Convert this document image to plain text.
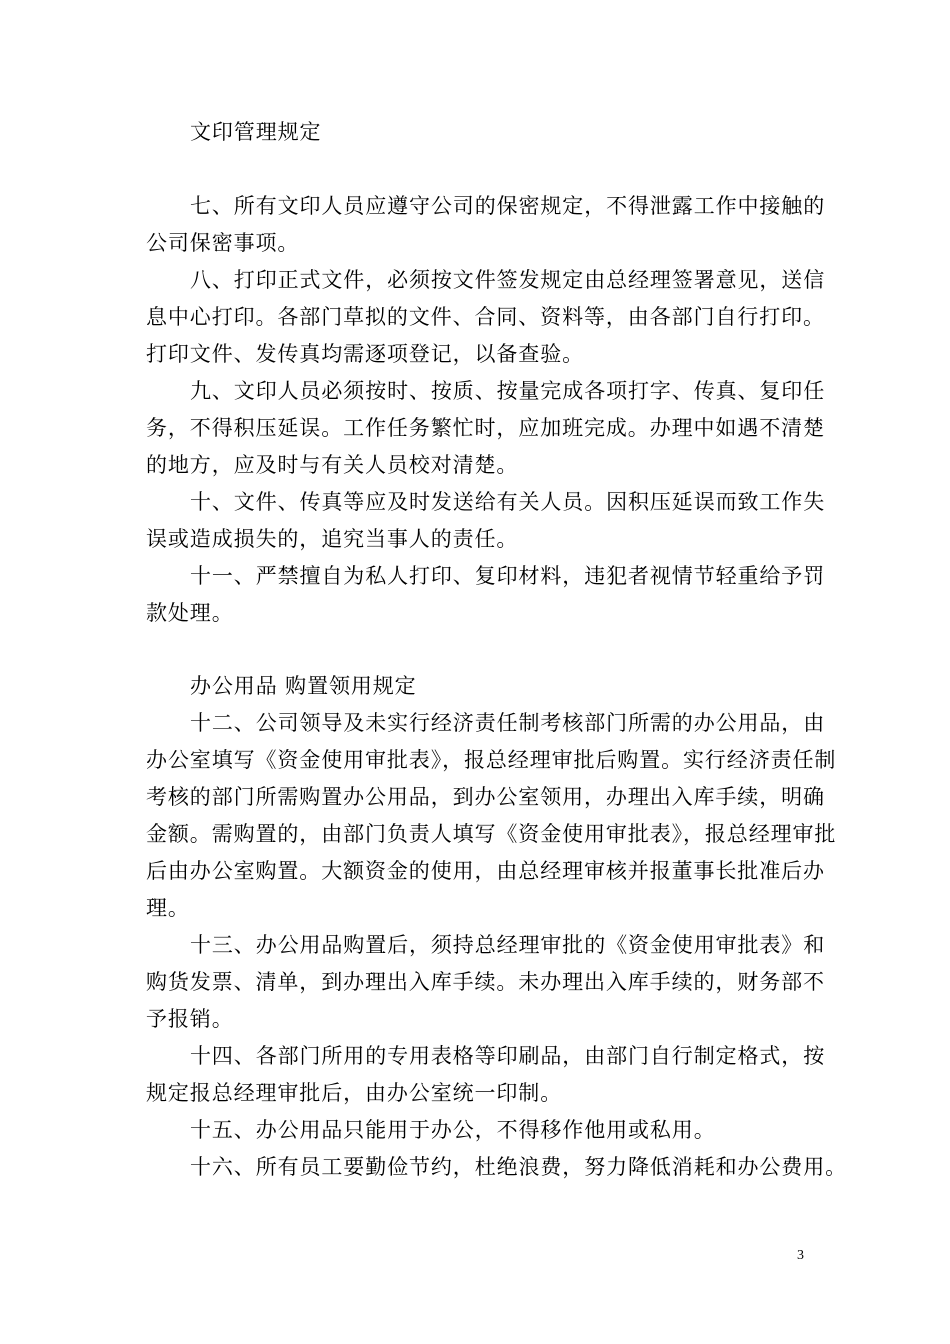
文印管理规定
七、所有文印人员应遵守公司的保密规定，不得泄露工作中接触的
公司保密事项。
八、打印正式文件，必须按文件签发规定由总经理签署意见，送信
息中心打印。各部门草拟的文件、合同、资料等，由各部门自行打印。
打印文件、发传真均需逐项登记，以备查验。
九、文印人员必须按时、按质、按量完成各项打字、传真、复印任
务，不得积压延误。工作任务繁忙时，应加班完成。办理中如遇不清楚
的地方，应及时与有关人员校对清楚。
十、文件、传真等应及时发送给有关人员。因积压延误而致工作失
误或造成损失的，追究当事人的责任。
十一、严禁擅自为私人打印、复印材料，违犯者视情节轻重给予罚
款处理。
办公用品 购置领用规定
十二、公司领导及未实行经济责任制考核部门所需的办公用品，由
办公室填写《资金使用审批表》，报总经理审批后购置。实行经济责任制
考核的部门所需购置办公用品，到办公室领用，办理出入库手续，明确
金额。需购置的，由部门负责人填写《资金使用审批表》，报总经理审批
后由办公室购置。大额资金的使用，由总经理审核并报董事长批准后办
理。
十三、办公用品购置后，须持总经理审批的《资金使用审批表》和
购货发票、清单，到办理出入库手续。未办理出入库手续的，财务部不
予报销。
十四、各部门所用的专用表格等印刷品，由部门自行制定格式，按
规定报总经理审批后，由办公室统一印制。
十五、办公用品只能用于办公，不得移作他用或私用。
十六、所有员工要勤俭节约，杜绝浪费，努力降低消耗和办公费用。
3
